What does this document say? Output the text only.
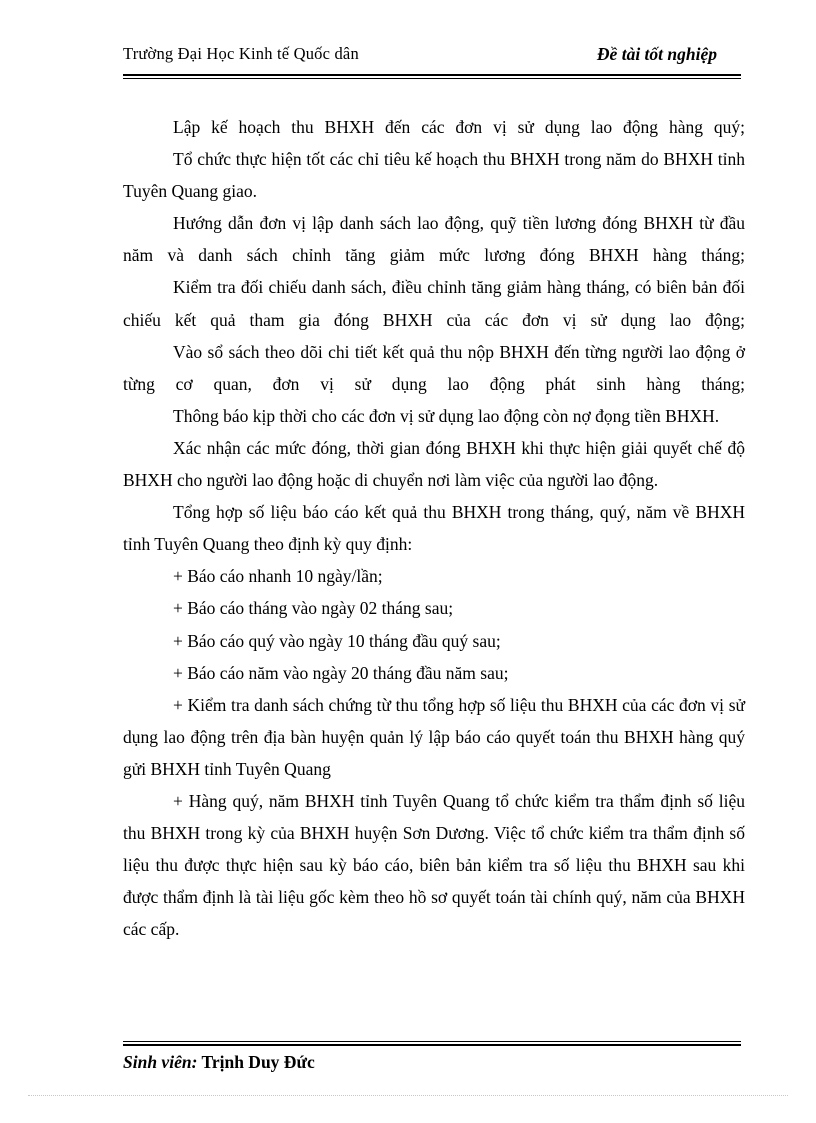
Trường Đại Học Kinh tế Quốc dân	Đề tài tốt nghiệp

Lập kế hoạch thu BHXH đến các đơn vị sử dụng lao động hàng quý;

Tổ chức thực hiện tốt các chỉ tiêu kế hoạch thu BHXH trong năm do BHXH tỉnh Tuyên Quang giao.

Hướng dẫn đơn vị lập danh sách lao động, quỹ tiền lương đóng BHXH từ đầu năm và danh sách chỉnh tăng giảm mức lương đóng BHXH hàng tháng;

Kiểm tra đối chiếu danh sách, điều chỉnh tăng giảm hàng tháng, có biên bản đối chiếu kết quả tham gia đóng BHXH của các đơn vị sử dụng lao động;

Vào sổ sách theo dõi chi tiết kết quả thu nộp BHXH đến từng người lao động ở từng cơ quan, đơn vị sử dụng lao động phát sinh hàng tháng;

Thông báo kịp thời cho các đơn vị sử dụng lao động còn nợ đọng tiền BHXH.

Xác nhận các mức đóng, thời gian đóng BHXH khi thực hiện giải quyết chế độ BHXH cho người lao động hoặc di chuyển nơi làm việc của người lao động.

Tổng hợp số liệu báo cáo kết quả thu BHXH trong tháng, quý, năm về BHXH tỉnh Tuyên Quang theo định kỳ quy định:

+ Báo cáo nhanh 10 ngày/lần;

+ Báo cáo tháng vào ngày 02 tháng sau;

+ Báo cáo quý vào ngày 10 tháng đầu quý sau;

+ Báo cáo năm vào ngày 20 tháng đầu năm sau;

+ Kiểm tra danh sách chứng từ thu tổng hợp số liệu thu BHXH của các đơn vị sử dụng lao động trên địa bàn huyện quản lý lập báo cáo quyết toán thu BHXH hàng quý gửi BHXH tỉnh Tuyên Quang

+ Hàng quý, năm BHXH tỉnh Tuyên Quang tổ chức kiểm tra thẩm định số liệu thu BHXH trong kỳ của BHXH huyện Sơn Dương. Việc tổ chức kiểm tra thẩm định số liệu thu được thực hiện sau kỳ báo cáo, biên bản kiểm tra số liệu thu BHXH sau khi được thẩm định là tài liệu gốc kèm theo hồ sơ quyết toán tài chính quý, năm của BHXH các cấp.

Sinh viên: Trịnh Duy Đức
